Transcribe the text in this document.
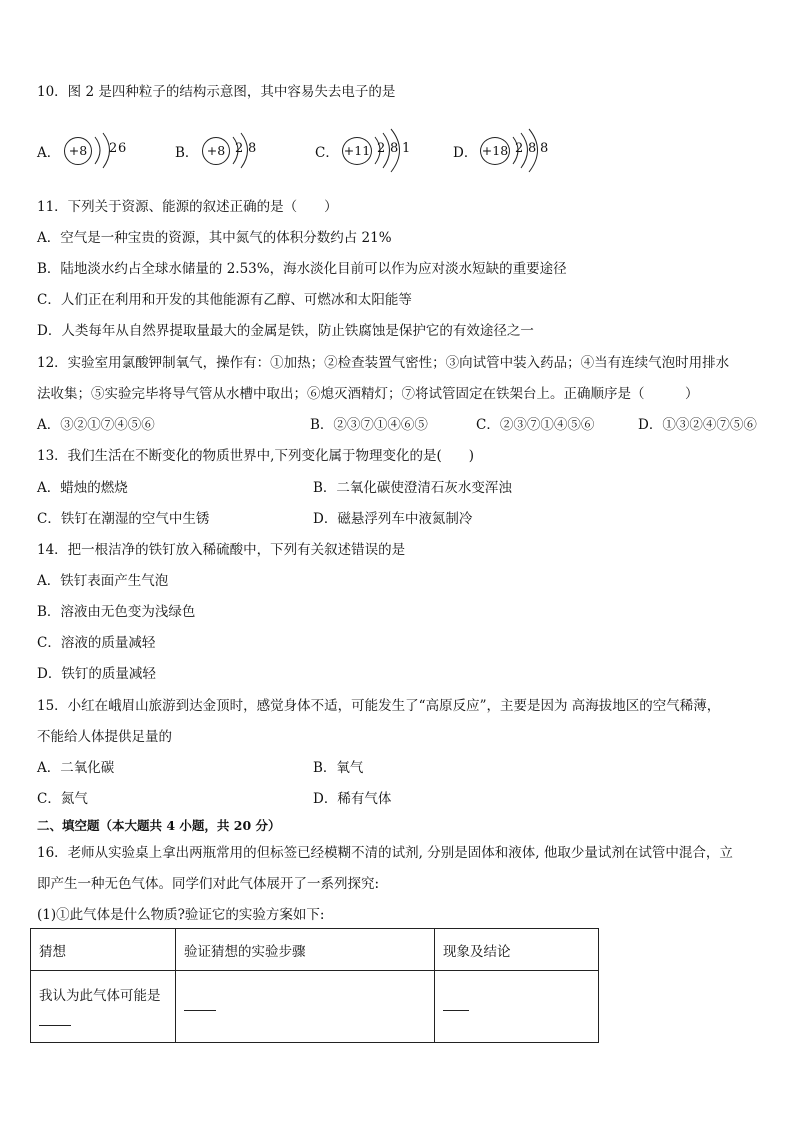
10．图 2 是四种粒子的结构示意图，其中容易失去电子的是
A． +8	2 6	B． +8 2 8	C． +11 2 8 1	D． +18 2 8 8
11．下列关于资源、能源的叙述正确的是（　　）
A．空气是一种宝贵的资源，其中氮气的体积分数约占 21%
B．陆地淡水约占全球水储量的 2.53%，海水淡化目前可以作为应对淡水短缺的重要途径
C．人们正在利用和开发的其他能源有乙醇、可燃冰和太阳能等
D．人类每年从自然界提取量最大的金属是铁，防止铁腐蚀是保护它的有效途径之一
12．实验室用氯酸钾制氧气，操作有：①加热；②检查装置气密性；③向试管中装入药品；④当有连续气泡时用排水
法收集；⑤实验完毕将导气管从水槽中取出；⑥熄灭酒精灯；⑦将试管固定在铁架台上。正确顺序是（　　　）
A．③②①⑦④⑤⑥	B．②③⑦①④⑥⑤	C．②③⑦①④⑤⑥	D．①③②④⑦⑤⑥
13．我们生活在不断变化的物质世界中,下列变化属于物理变化的是(　　)
A．蜡烛的燃烧	B．二氧化碳使澄清石灰水变浑浊
C．铁钉在潮湿的空气中生锈	D．磁悬浮列车中液氮制冷
14．把一根洁净的铁钉放入稀硫酸中，下列有关叙述错误的是
A．铁钉表面产生气泡
B．溶液由无色变为浅绿色
C．溶液的质量减轻
D．铁钉的质量减轻
15．小红在峨眉山旅游到达金顶时，感觉身体不适，可能发生了“高原反应”，主要是因为 高海拔地区的空气稀薄，
不能给人体提供足量的
A．二氧化碳	B．氧气
C．氮气	D．稀有气体
二、填空题（本大题共 4 小题，共 20 分）
16．老师从实验桌上拿出两瓶常用的但标签已经模糊不清的试剂, 分别是固体和液体, 他取少量试剂在试管中混合，立
即产生一种无色气体。同学们对此气体展开了一系列探究:
(1)①此气体是什么物质?验证它的实验方案如下:
猜想	验证猜想的实验步骤	现象及结论

我认为此气体可能是		
